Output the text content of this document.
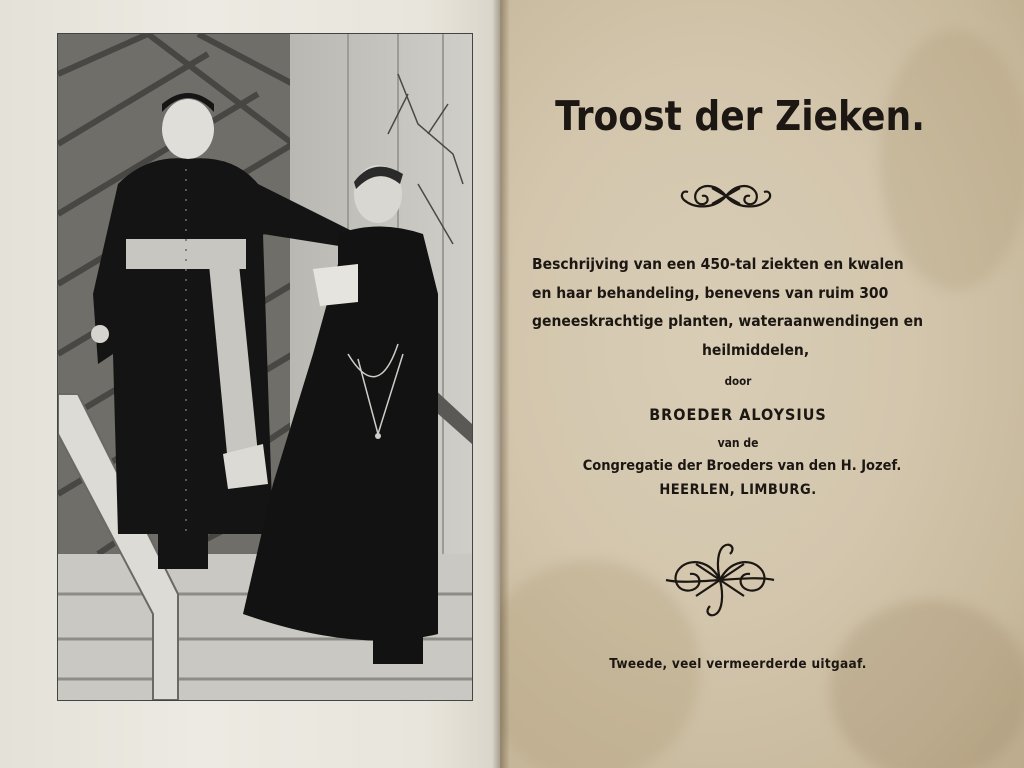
Troost der Zieken.
Beschrijving van een 450-tal ziekten en kwalen
en haar behandeling, benevens van ruim 300
geneeskrachtige planten, wateraanwendingen en
heilmiddelen,
door
BROEDER ALOYSIUS
van de
Congregatie der Broeders van den H. Jozef.
HEERLEN, LIMBURG.
Tweede, veel vermeerderde uitgaaf.
